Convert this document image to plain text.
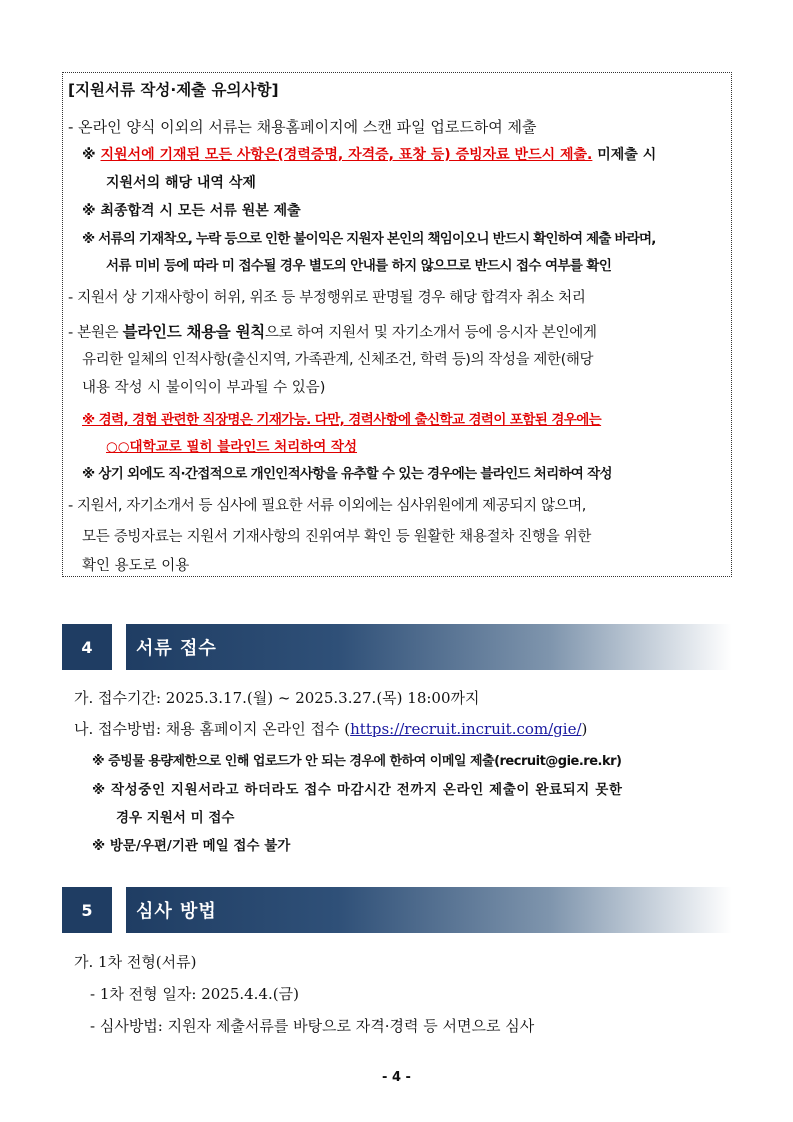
[지원서류 작성·제출 유의사항]
- 온라인 양식 이외의 서류는 채용홈페이지에 스캔 파일 업로드하여 제출
※ 지원서에 기재된 모든 사항은(경력증명, 자격증, 표창 등) 증빙자료 반드시 제출. 미제출 시
지원서의 해당 내역 삭제
※ 최종합격 시 모든 서류 원본 제출
※ 서류의 기재착오, 누락 등으로 인한 불이익은 지원자 본인의 책임이오니 반드시 확인하여 제출 바라며,
서류 미비 등에 따라 미 접수될 경우 별도의 안내를 하지 않으므로 반드시 접수 여부를 확인
- 지원서 상 기재사항이 허위, 위조 등 부정행위로 판명될 경우 해당 합격자 취소 처리
- 본원은 블라인드 채용을 원칙으로 하여 지원서 및 자기소개서 등에 응시자 본인에게
유리한 일체의 인적사항(출신지역, 가족관계, 신체조건, 학력 등)의 작성을 제한(해당
내용 작성 시 불이익이 부과될 수 있음)
※ 경력, 경험 관련한 직장명은 기재가능. 다만, 경력사항에 출신학교 경력이 포함된 경우에는
○○대학교로 필히 블라인드 처리하여 작성
※ 상기 외에도 직·간접적으로 개인인적사항을 유추할 수 있는 경우에는 블라인드 처리하여 작성
- 지원서, 자기소개서 등 심사에 필요한 서류 이외에는 심사위원에게 제공되지 않으며,
모든 증빙자료는 지원서 기재사항의 진위여부 확인 등 원활한 채용절차 진행을 위한
확인 용도로 이용
4	서류 접수
가. 접수기간: 2025.3.17.(월) ~ 2025.3.27.(목) 18:00까지
나. 접수방법: 채용 홈페이지 온라인 접수 (https://recruit.incruit.com/gie/)
※ 증빙물 용량제한으로 인해 업로드가 안 되는 경우에 한하여 이메일 제출(recruit@gie.re.kr)
※ 작성중인 지원서라고 하더라도 접수 마감시간 전까지 온라인 제출이 완료되지 못한
경우 지원서 미 접수
※ 방문/우편/기관 메일 접수 불가
5	심사 방법
가. 1차 전형(서류)
- 1차 전형 일자: 2025.4.4.(금)
- 심사방법: 지원자 제출서류를 바탕으로 자격·경력 등 서면으로 심사
- 4 -
